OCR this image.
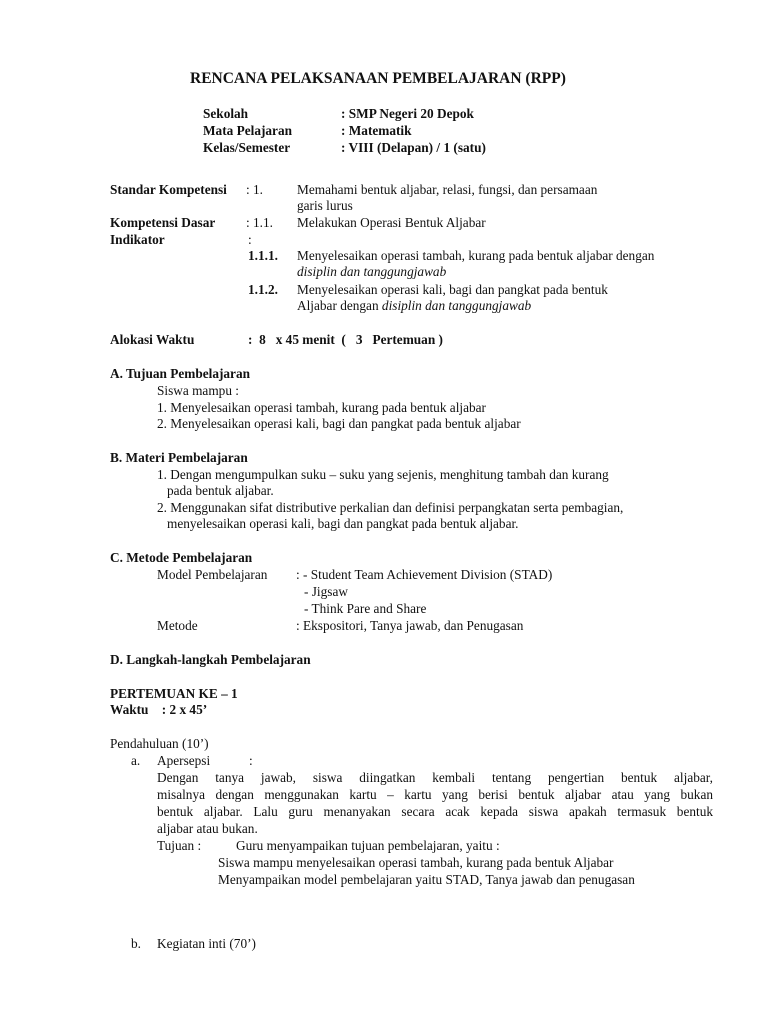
RENCANA PELAKSANAAN PEMBELAJARAN (RPP)
Sekolah	: SMP Negeri 20 Depok
Mata Pelajaran	: Matematik
Kelas/Semester	: VIII (Delapan) / 1 (satu)
Standar Kompetensi : 1.	Memahami bentuk aljabar, relasi, fungsi, dan persamaan
garis lurus
Kompetensi Dasar : 1.1. Melakukan Operasi Bentuk Aljabar
Indikator	:
1.1.1. Menyelesaikan operasi tambah, kurang pada bentuk aljabar dengan
disiplin dan tanggungjawab
1.1.2. Menyelesaikan operasi kali, bagi dan pangkat pada bentuk
Aljabar dengan disiplin dan tanggungjawab
Alokasi Waktu	:  8   x 45 menit  (   3   Pertemuan )
A. Tujuan Pembelajaran
Siswa mampu :
1. Menyelesaikan operasi tambah, kurang pada bentuk aljabar
2. Menyelesaikan operasi kali, bagi dan pangkat pada bentuk aljabar
B. Materi Pembelajaran
1. Dengan mengumpulkan suku – suku yang sejenis, menghitung tambah dan kurang
pada bentuk aljabar.
2. Menggunakan sifat distributive perkalian dan definisi perpangkatan serta pembagian,
menyelesaikan operasi kali, bagi dan pangkat pada bentuk aljabar.
C. Metode Pembelajaran
Model Pembelajaran : - Student Team Achievement Division (STAD)
- Jigsaw
- Think Pare and Share
Metode	: Ekspositori, Tanya jawab, dan Penugasan
D. Langkah-langkah Pembelajaran
PERTEMUAN KE – 1
Waktu    : 2 x 45’
Pendahuluan (10’)
a. Apersepsi	:
Dengan tanya jawab, siswa diingatkan kembali tentang pengertian bentuk aljabar,
misalnya dengan menggunakan kartu – kartu yang berisi bentuk aljabar atau yang bukan
bentuk aljabar. Lalu guru menanyakan secara acak kepada siswa apakah termasuk bentuk
aljabar atau bukan.
Tujuan :	Guru menyampaikan tujuan pembelajaran, yaitu :
Siswa mampu menyelesaikan operasi tambah, kurang pada bentuk Aljabar
Menyampaikan model pembelajaran yaitu STAD, Tanya jawab dan penugasan
b. Kegiatan inti (70’)
